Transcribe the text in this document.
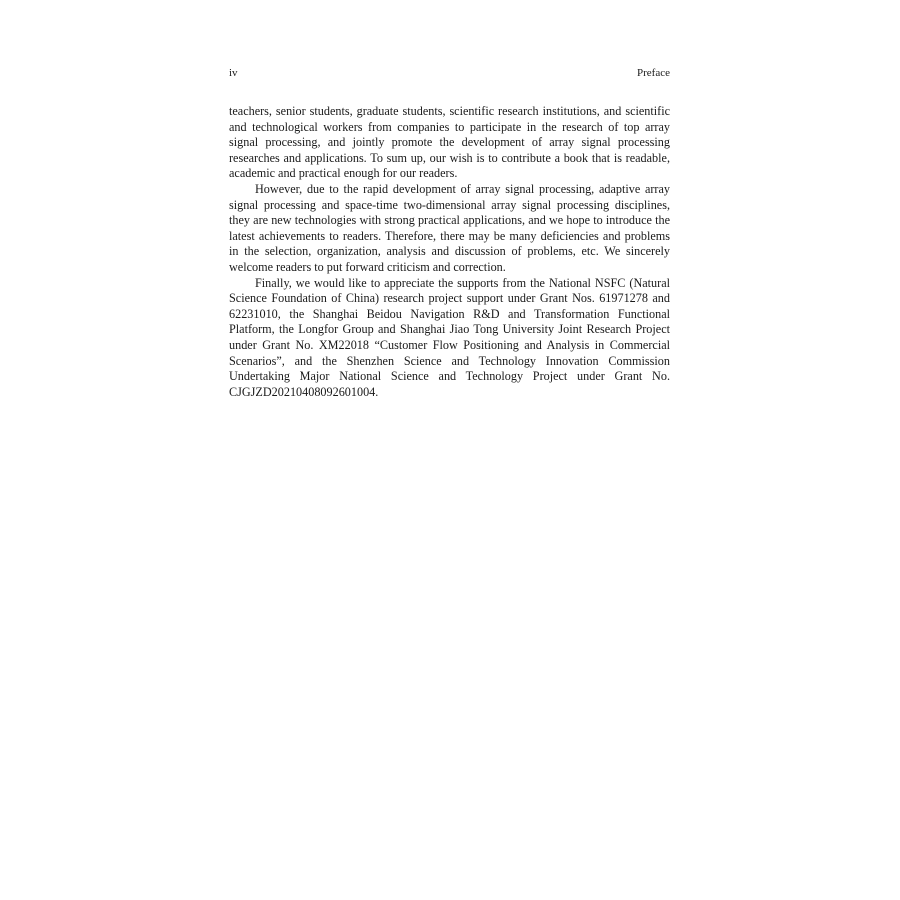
iv	Preface

teachers, senior students, graduate students, scientific research institutions, and scientific and technological workers from companies to participate in the research of top array signal processing, and jointly promote the development of array signal processing researches and applications. To sum up, our wish is to contribute a book that is readable, academic and practical enough for our readers.

However, due to the rapid development of array signal processing, adaptive array signal processing and space-time two-dimensional array signal processing disciplines, they are new technologies with strong practical applications, and we hope to introduce the latest achievements to readers. Therefore, there may be many deficiencies and problems in the selection, organization, analysis and discussion of problems, etc. We sincerely welcome readers to put forward criticism and correction.

Finally, we would like to appreciate the supports from the National NSFC (Natural Science Foundation of China) research project support under Grant Nos. 61971278 and 62231010, the Shanghai Beidou Navigation R&D and Transformation Functional Platform, the Longfor Group and Shanghai Jiao Tong University Joint Research Project under Grant No. XM22018 “Customer Flow Positioning and Analysis in Commercial Scenarios”, and the Shenzhen Science and Technology Innovation Commission Undertaking Major National Science and Technology Project under Grant No. CJGJZD20210408092601004.
